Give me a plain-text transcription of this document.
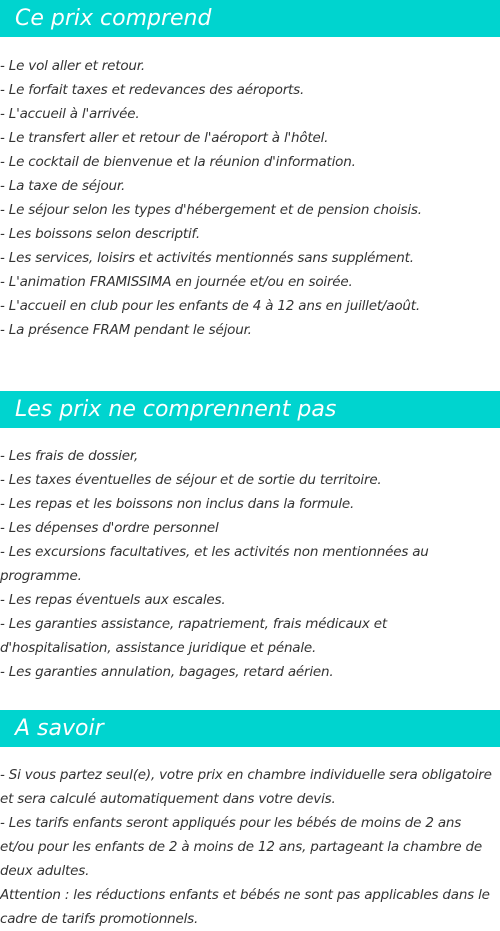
Ce prix comprend
- Le vol aller et retour.
- Le forfait taxes et redevances des aéroports.
- L'accueil à l'arrivée.
- Le transfert aller et retour de l'aéroport à l'hôtel.
- Le cocktail de bienvenue et la réunion d'information.
- La taxe de séjour.
- Le séjour selon les types d'hébergement et de pension choisis.
- Les boissons selon descriptif.
- Les services, loisirs et activités mentionnés sans supplément.
- L'animation FRAMISSIMA en journée et/ou en soirée.
- L'accueil en club pour les enfants de 4 à 12 ans en juillet/août.
- La présence FRAM pendant le séjour.
Les prix ne comprennent pas
- Les frais de dossier,
- Les taxes éventuelles de séjour et de sortie du territoire.
- Les repas et les boissons non inclus dans la formule.
- Les dépenses d'ordre personnel
- Les excursions facultatives, et les activités non mentionnées au programme.
- Les repas éventuels aux escales.
- Les garanties assistance, rapatriement, frais médicaux et d'hospitalisation, assistance juridique et pénale.
- Les garanties annulation, bagages, retard aérien.
A savoir
- Si vous partez seul(e), votre prix en chambre individuelle sera obligatoire et sera calculé automatiquement dans votre devis.
- Les tarifs enfants seront appliqués pour les bébés de moins de 2 ans et/ou pour les enfants de 2 à moins de 12 ans, partageant la chambre de deux adultes.
Attention : les réductions enfants et bébés ne sont pas applicables dans le cadre de tarifs promotionnels.
